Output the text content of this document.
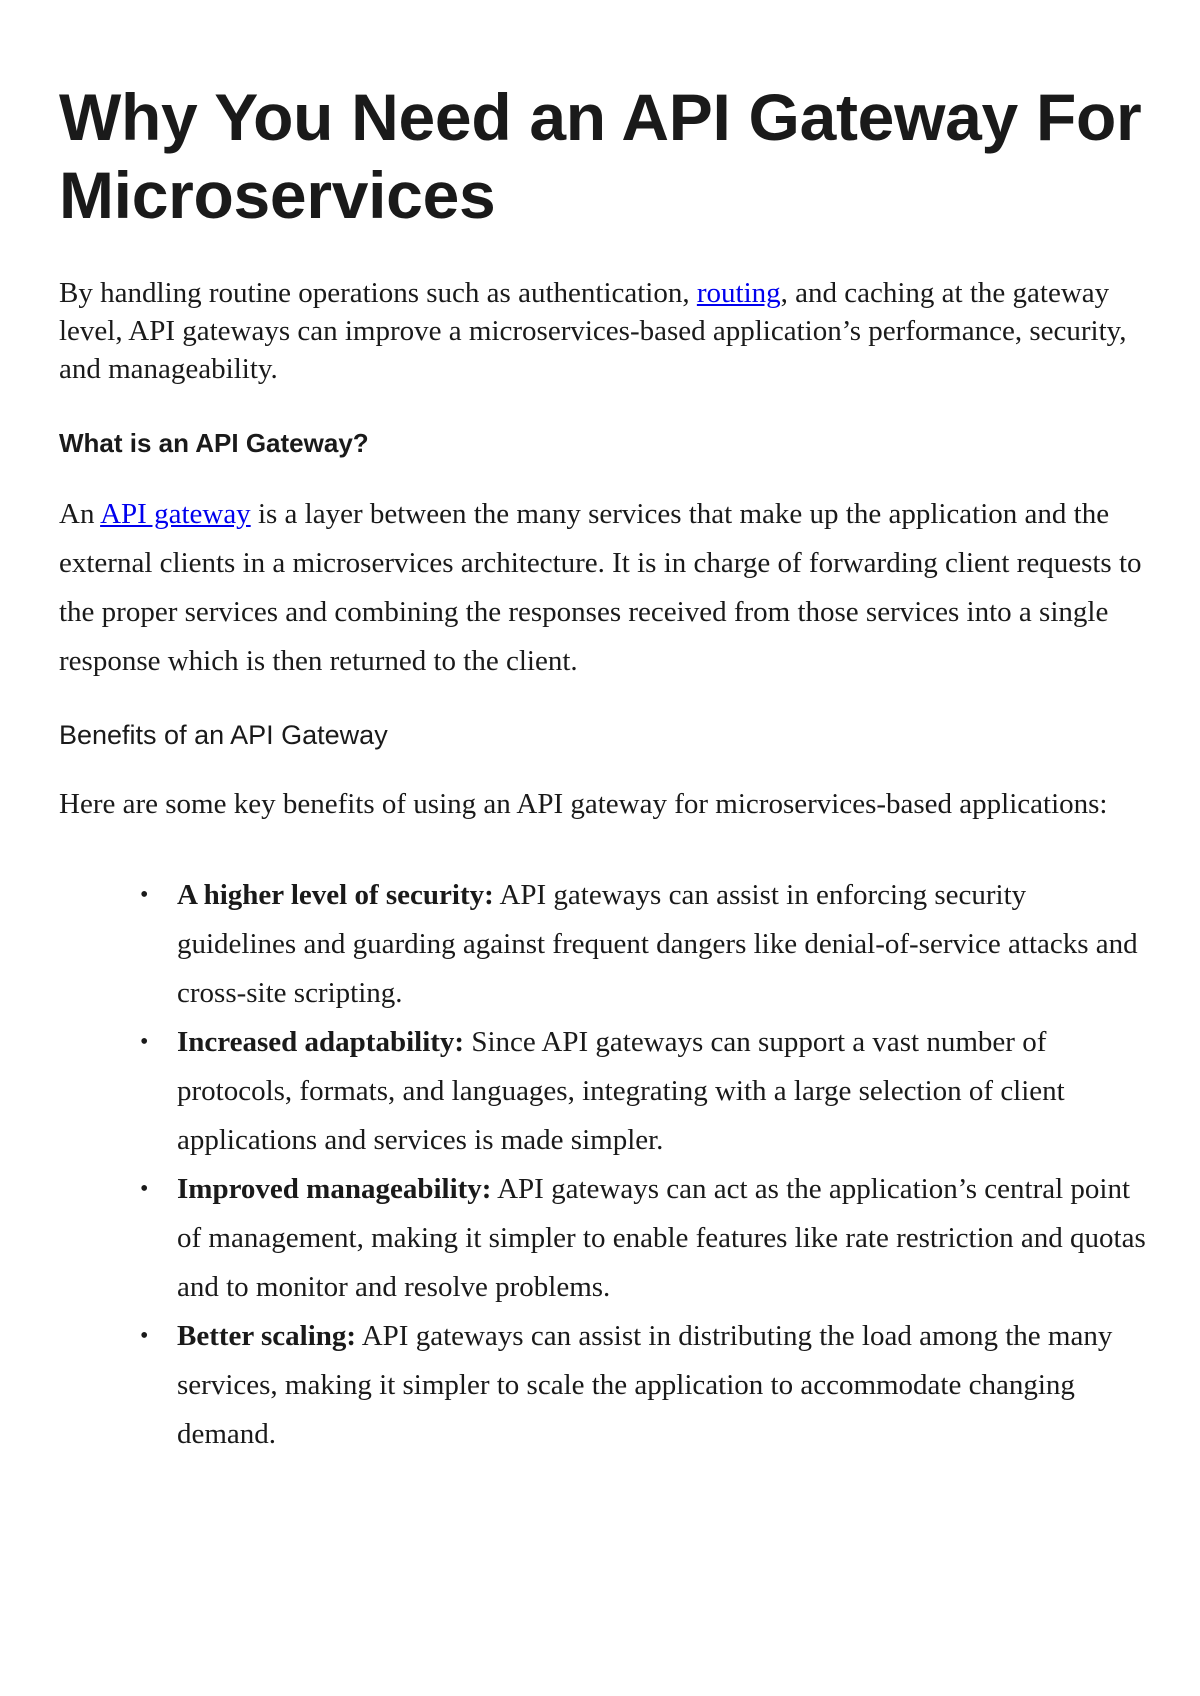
Why You Need an API Gateway For Microservices

By handling routine operations such as authentication, routing, and caching at the gateway level, API gateways can improve a microservices-based application’s performance, security, and manageability.

What is an API Gateway?

An API gateway is a layer between the many services that make up the application and the external clients in a microservices architecture. It is in charge of forwarding client requests to the proper services and combining the responses received from those services into a single response which is then returned to the client.

Benefits of an API Gateway

Here are some key benefits of using an API gateway for microservices-based applications:

• A higher level of security: API gateways can assist in enforcing security guidelines and guarding against frequent dangers like denial-of-service attacks and cross-site scripting.
• Increased adaptability: Since API gateways can support a vast number of protocols, formats, and languages, integrating with a large selection of client applications and services is made simpler.
• Improved manageability: API gateways can act as the application’s central point of management, making it simpler to enable features like rate restriction and quotas and to monitor and resolve problems.
• Better scaling: API gateways can assist in distributing the load among the many services, making it simpler to scale the application to accommodate changing demand.
